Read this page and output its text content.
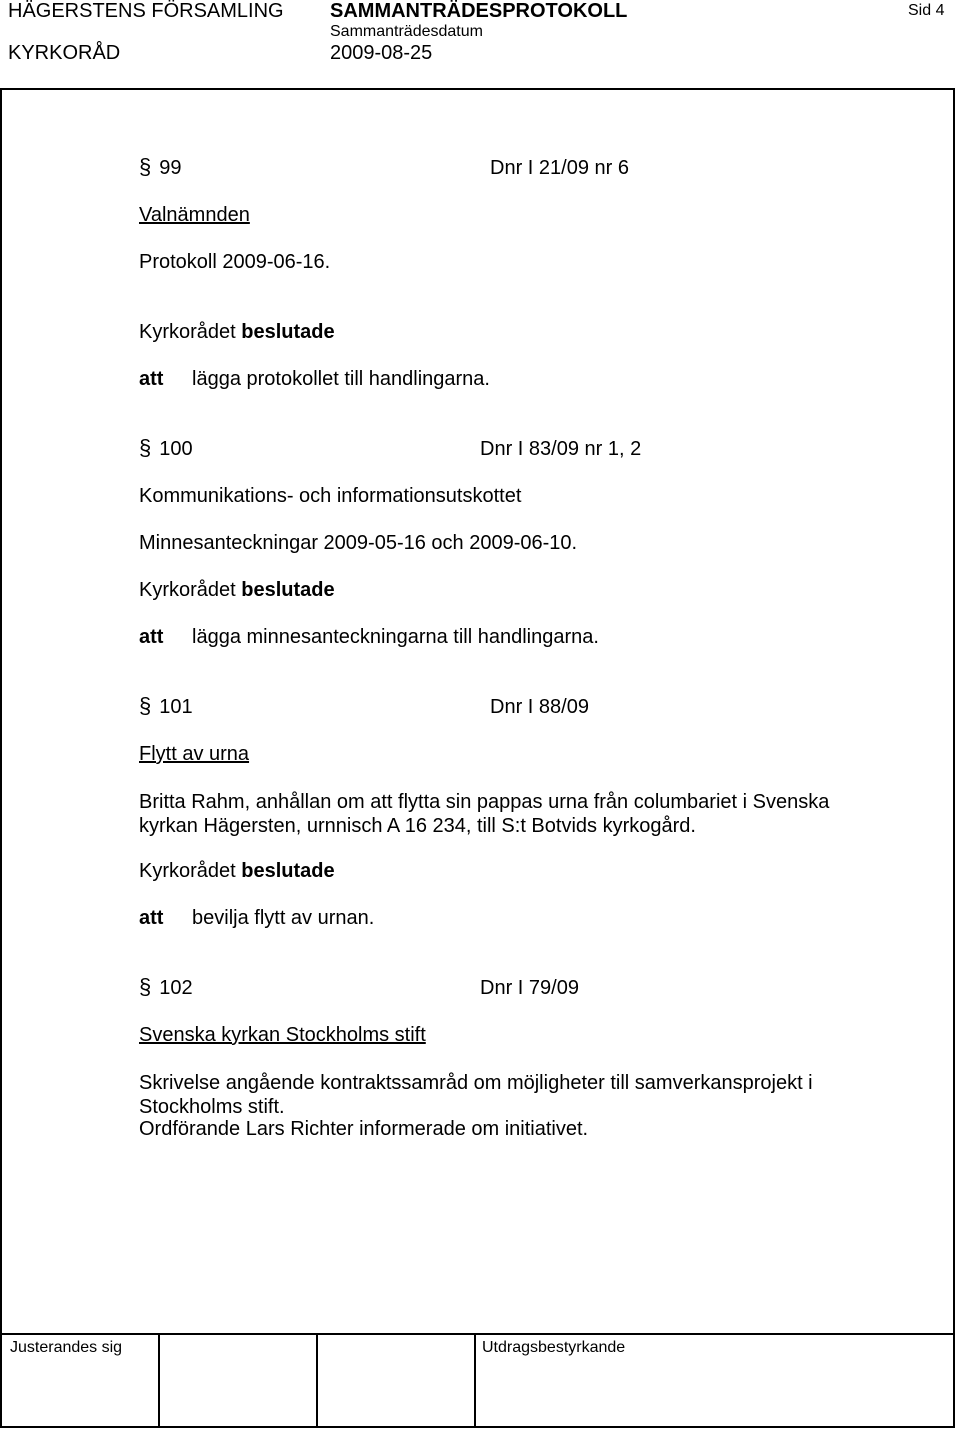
HÄGERSTENS FÖRSAMLING
KYRKORÅD
SAMMANTRÄDESPROTOKOLL
Sammanträdesdatum
2009-08-25
Sid 4
§ 99	Dnr I 21/09 nr 6
Valnämnden
Protokoll 2009-06-16.
Kyrkorådet beslutade
att lägga protokollet till handlingarna.
§ 100	Dnr I 83/09 nr 1, 2
Kommunikations- och informationsutskottet
Minnesanteckningar 2009-05-16 och 2009-06-10.
Kyrkorådet beslutade
att lägga minnesanteckningarna till handlingarna.
§ 101	Dnr I 88/09
Flytt av urna
Britta Rahm, anhållan om att flytta sin pappas urna från columbariet i Svenska kyrkan Hägersten, urnnisch A 16 234, till S:t Botvids kyrkogård.
Kyrkorådet beslutade
att bevilja flytt av urnan.
§ 102	Dnr I 79/09
Svenska kyrkan Stockholms stift
Skrivelse angående kontraktssamråd om möjligheter till samverkansprojekt i Stockholms stift.
Ordförande Lars Richter informerade om initiativet.
Justerandes sig	Utdragsbestyrkande
